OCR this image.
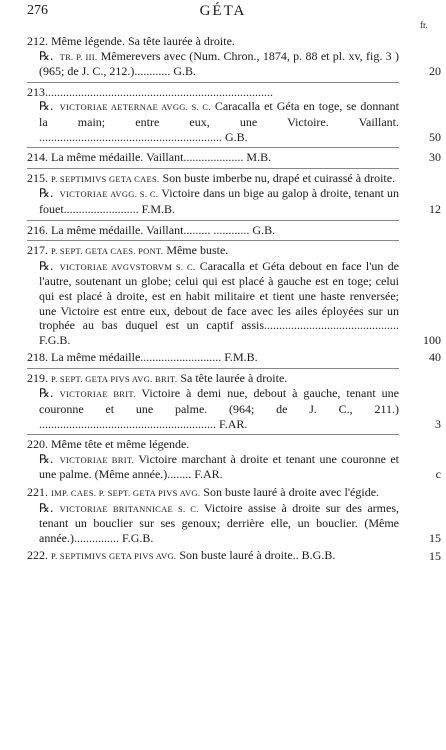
276	GÉTA
fr.
212. Même légende. Sa tête laurée à droite.
℞. TR. P. III. Mêmerevers avec (Num. Chron., 1874, p. 88 et pl. xv, fig. 3 ) (965; de J. C., 212.)............ G.B.	20
213............................................................................
℞. VICTORIAE AETERNAE AVGG. S. C. Caracalla et Géta en toge, se donnant la main; entre eux, une Victoire. Vaillant. ............................................................. G.B.	50
214. La même médaille. Vaillant.................... M.B.	30
215. P. SEPTIMIVS GETA CAES. Son buste imberbe nu, drapé et cuirassé à droite.
℞. VICTORIAE AVGG. S. C. Victoire dans un bige au galop à droite, tenant un fouet......................... F.M.B.	12
216. La même médaille. Vaillant......... ............ G.B.
217. P. SEPT. GETA CAES. PONT. Même buste.
℞. VICTORIAE AVGVSTORVM S. C. Caracalla et Géta debout en face l'un de l'autre, soutenant un globe; celui qui est placé à gauche est en toge; celui qui est placé à droite, est en habit militaire et tient une haste renversée; une Victoire est entre eux, debout de face avec les ailes éployées sur un trophée au bas duquel est un captif assis............................................. F.G.B.	100
218. La même médaille........................... F.M.B.	40
219. P. SEPT. GETA PIVS AVG. BRIT. Sa tête laurée à droite.
℞. VICTORIAE BRIT. Victoire à demi nue, debout à gauche, tenant une couronne et une palme. (964; de J. C., 211.) ........................................................... F.AR.	3
220. Même tête et même légende.
℞. VICTORIAE BRIT. Victoire marchant à droite et tenant une couronne et une palme. (Même année.)........ F.AR.	c
221. IMP. CAES. P. SEPT. GETA PIVS AVG. Son buste lauré à droite avec l'égide.
℞. VICTORIAE BRITANNICAE S. C. Victoire assise à droite sur des armes, tenant un bouclier sur ses genoux; derrière elle, un bouclier. (Même année.)............... F.G.B.	15
222. P. SEPTIMIVS GETA PIVS AVG. Son buste lauré à droite.. B.G.B.	15
